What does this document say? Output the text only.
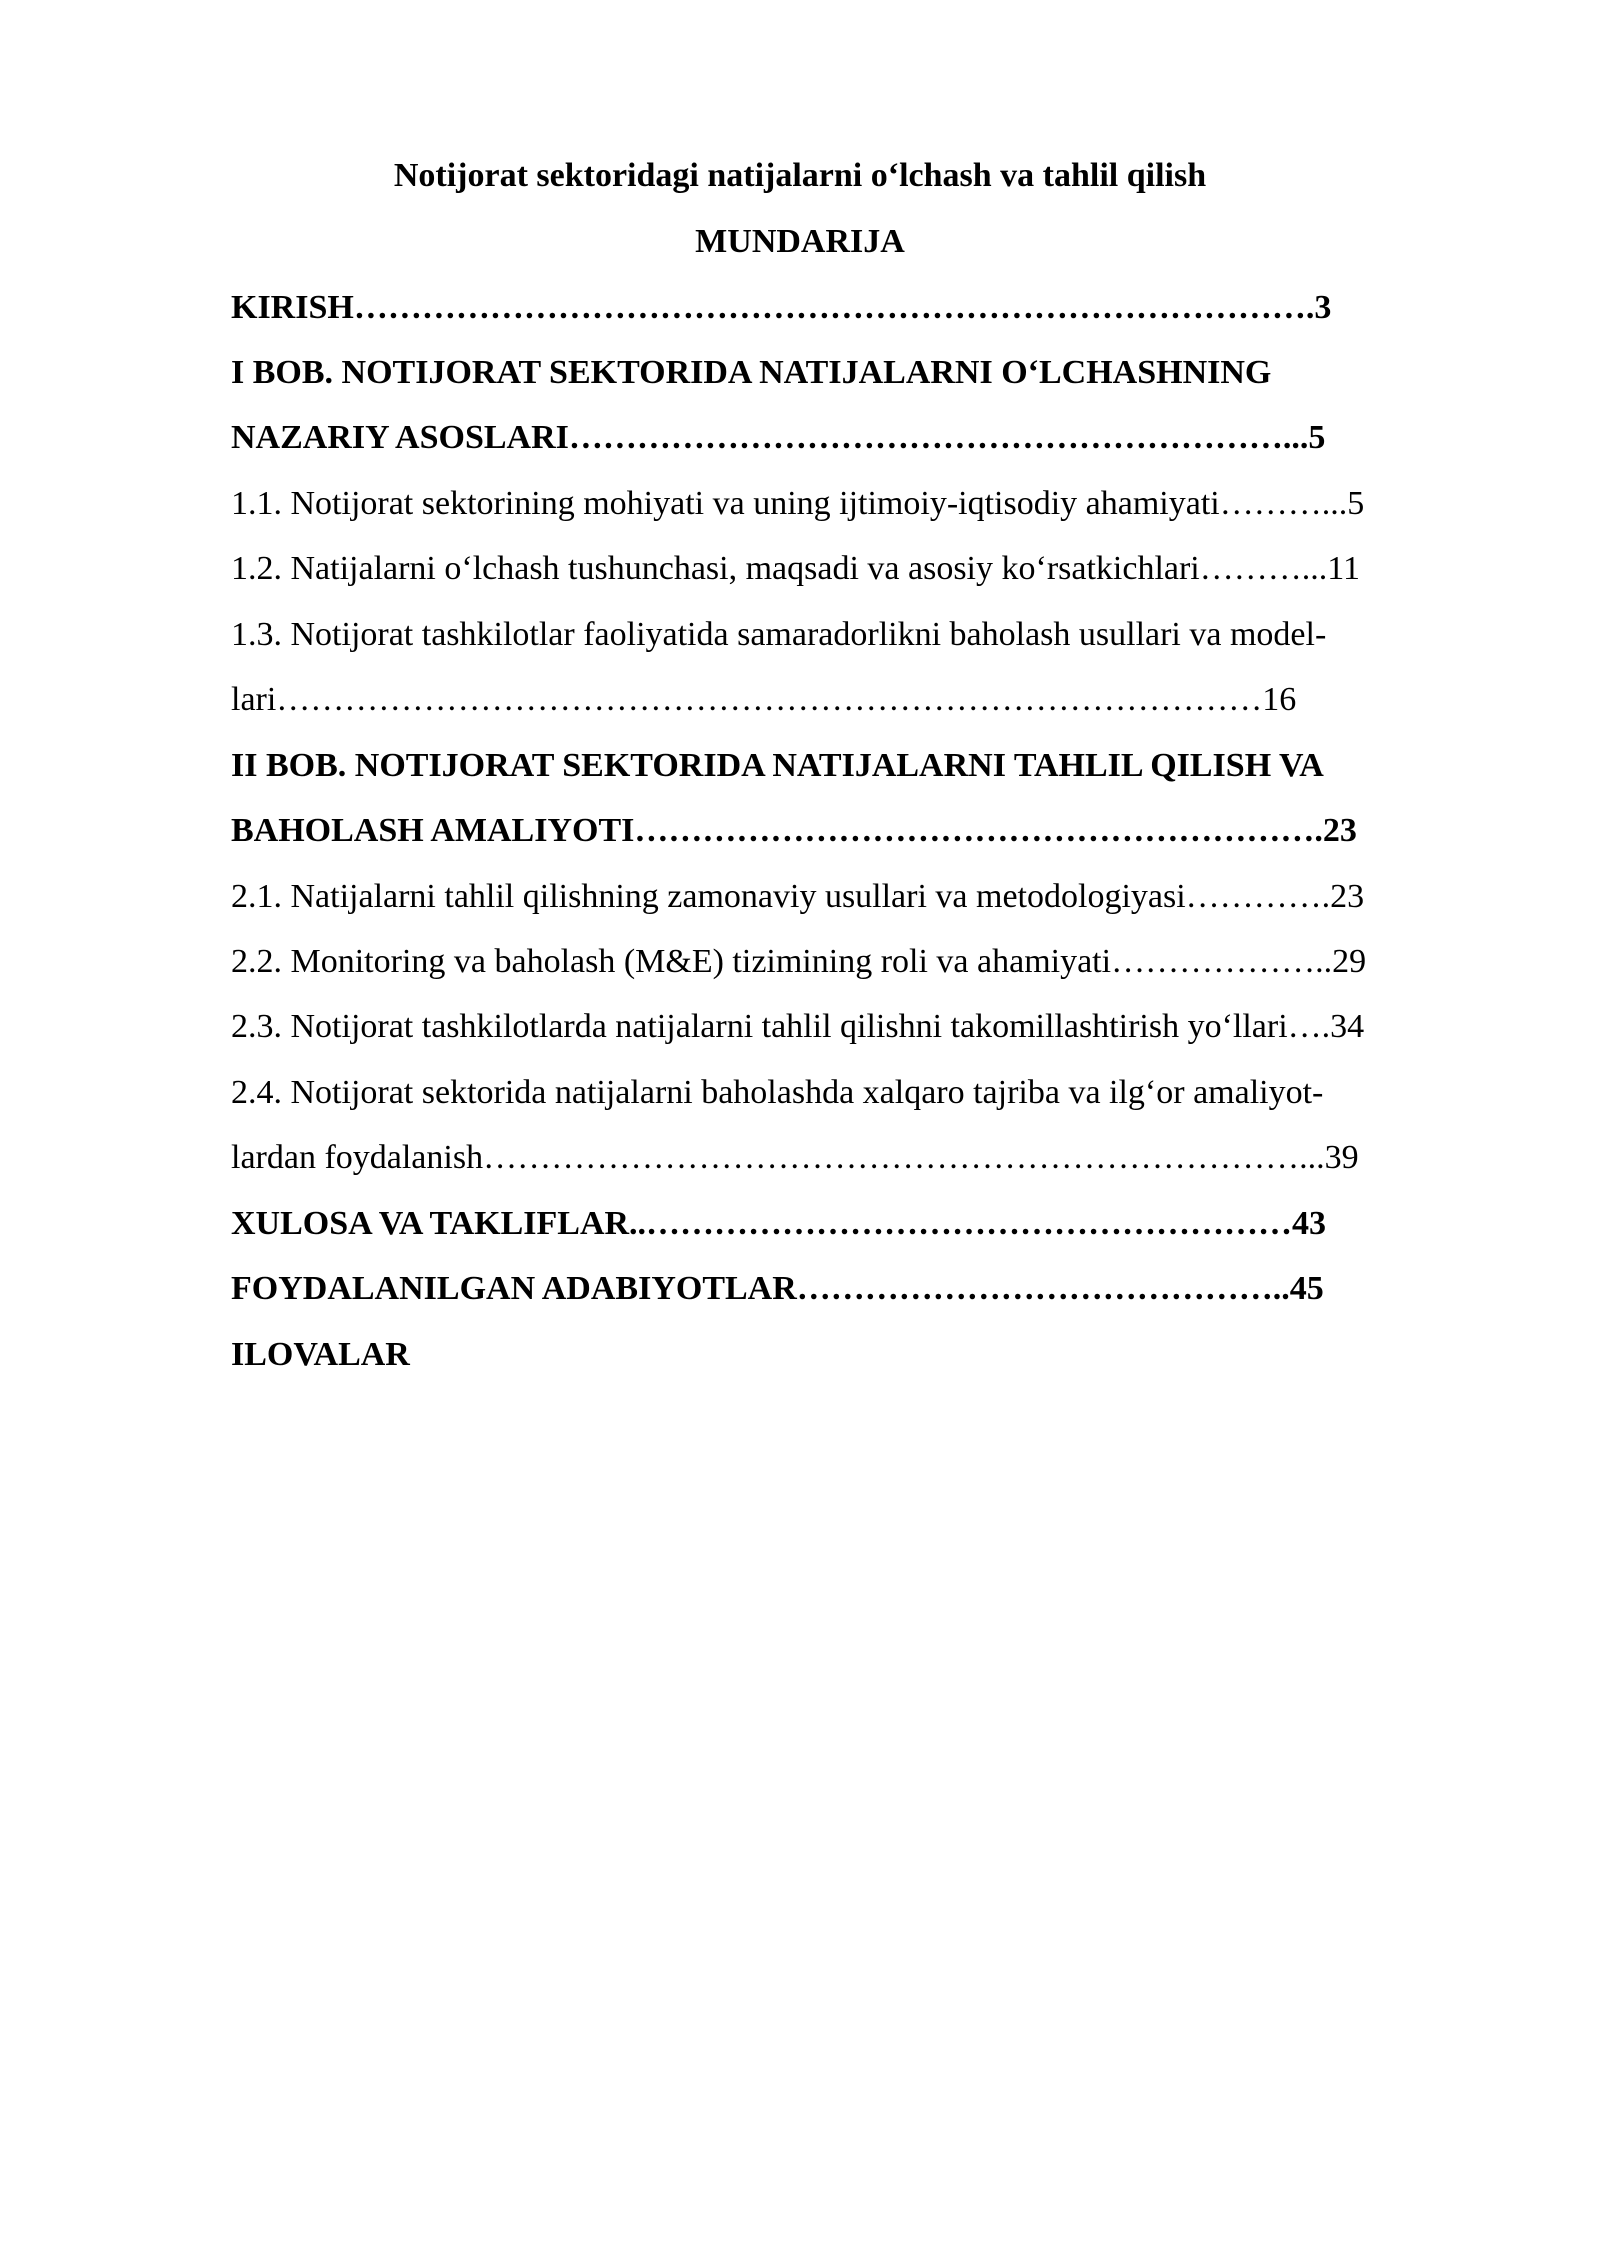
Notijorat sektoridagi natijalarni o‘lchash va tahlil qilish
MUNDARIJA
KIRISH………………………………………………………………………….3
I BOB. NOTIJORAT SEKTORIDA NATIJALARNI O‘LCHASHNING
NAZARIY ASOSLARI………………………………………………………...5
1.1. Notijorat sektorining mohiyati va uning ijtimoiy-iqtisodiy ahamiyati………...5
1.2. Natijalarni o‘lchash tushunchasi, maqsadi va asosiy ko‘rsatkichlari………...11
1.3. Notijorat tashkilotlar faoliyatida samaradorlikni baholash usullari va model-
lari……………………………………………………………………………16
II BOB. NOTIJORAT SEKTORIDA NATIJALARNI TAHLIL QILISH VA
BAHOLASH AMALIYOTI…………………………………………………….23
2.1. Natijalarni tahlil qilishning zamonaviy usullari va metodologiyasi………….23
2.2. Monitoring va baholash (M&E) tizimining roli va ahamiyati………………..29
2.3. Notijorat tashkilotlarda natijalarni tahlil qilishni takomillashtirish yo‘llari….34
2.4. Notijorat sektorida natijalarni baholashda xalqaro tajriba va ilg‘or amaliyot-
lardan foydalanish………………………………………………………………...39
XULOSA VA TAKLIFLAR..…………………………………………………43
FOYDALANILGAN ADABIYOTLAR……………………………………..45
ILOVALAR
